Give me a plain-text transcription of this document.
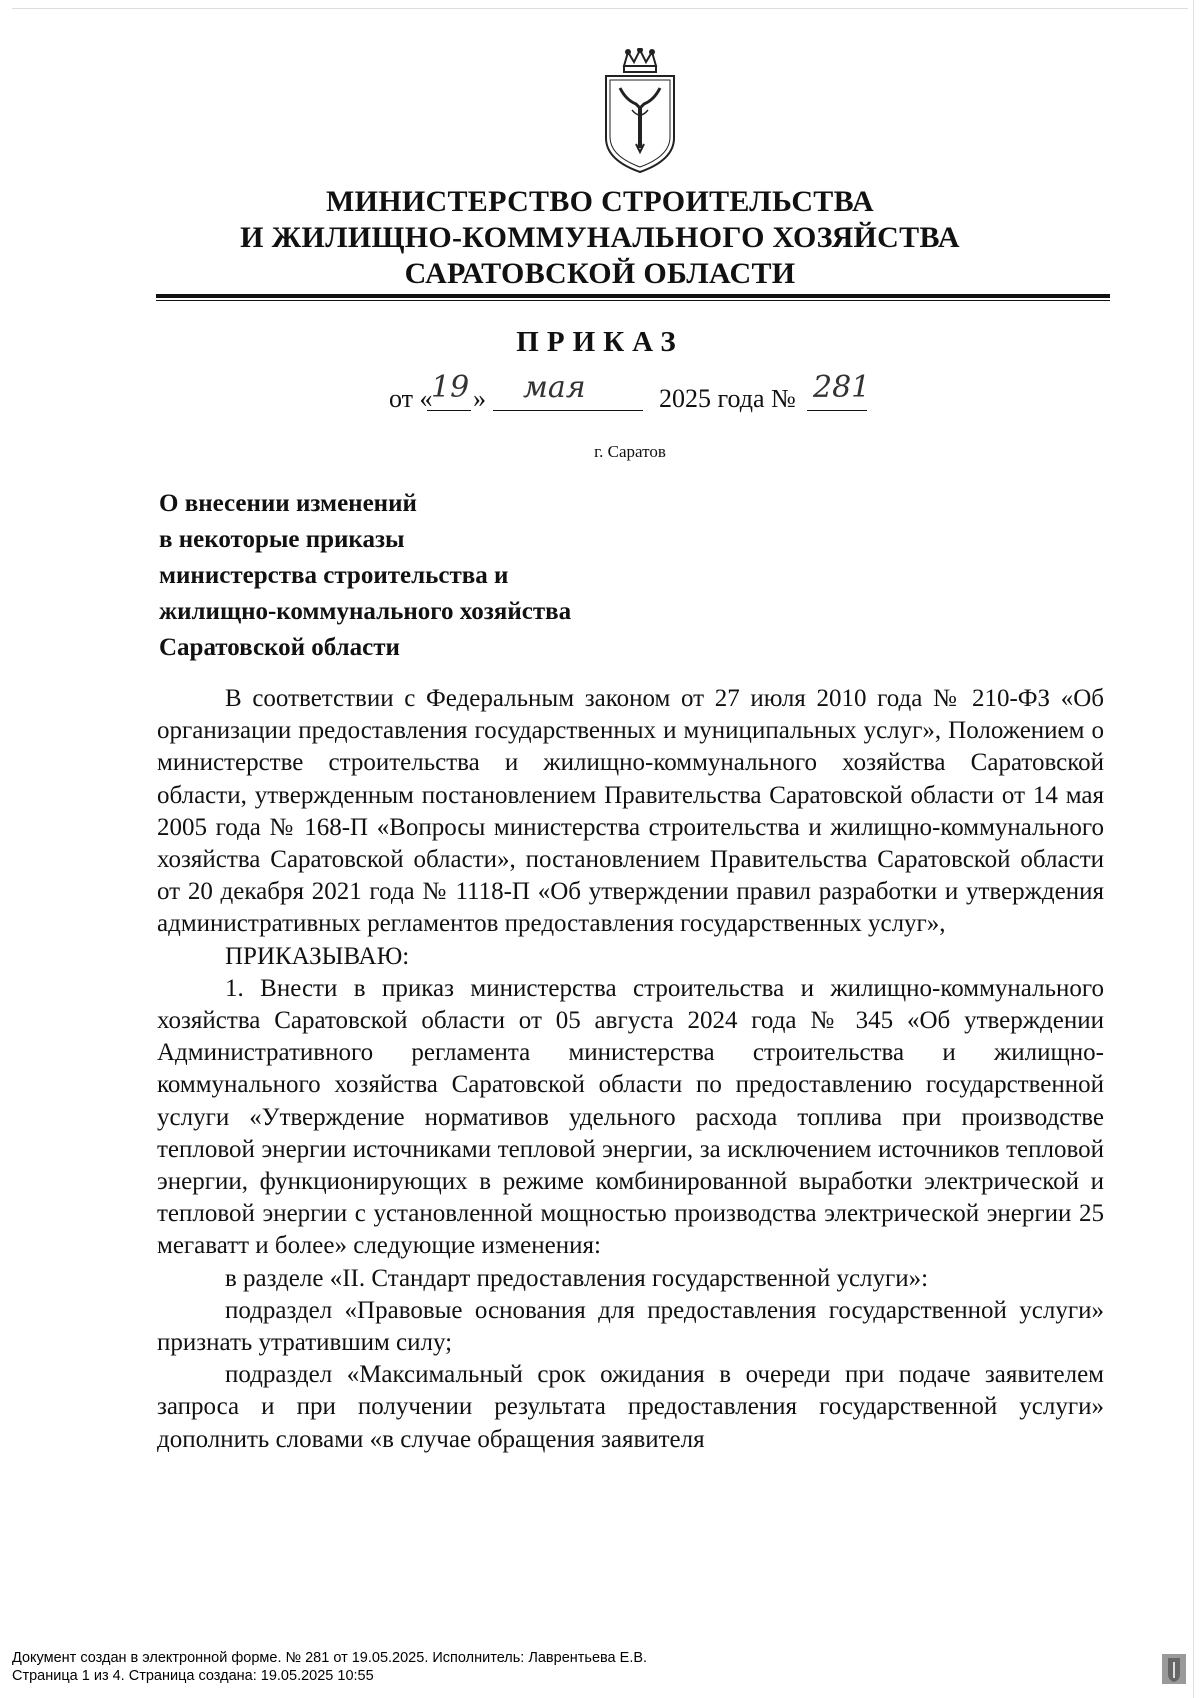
МИНИСТЕРСТВО СТРОИТЕЛЬСТВА
И ЖИЛИЩНО-КОММУНАЛЬНОГО ХОЗЯЙСТВА
САРАТОВСКОЙ ОБЛАСТИ
ПРИКАЗ
от «
19 » мая	2025 года № 281
г. Саратов
О внесении изменений
в некоторые приказы
министерства строительства и
жилищно-коммунального хозяйства
Саратовской области

В соответствии с Федеральным законом от 27 июля 2010 года № 210-ФЗ «Об организации предоставления государственных и муниципальных услуг», Положением о министерстве строительства и жилищно-коммунального хозяйства Саратовской области, утвержденным постановлением Правительства Саратовской области от 14 мая 2005 года № 168-П «Вопросы министерства строительства и жилищно-коммунального хозяйства Саратовской области», постановлением Правительства Саратовской области от 20 декабря 2021 года № 1118-П «Об утверждении правил разработки и утверждения административных регламентов предоставления государственных услуг»,

ПРИКАЗЫВАЮ:

1. Внести в приказ министерства строительства и жилищно-коммунального хозяйства Саратовской области от 05 августа 2024 года № 345 «Об утверждении Административного регламента министерства строительства и жилищно-коммунального хозяйства Саратовской области по предоставлению государственной услуги «Утверждение нормативов удельного расхода топлива при производстве тепловой энергии источниками тепловой энергии, за исключением источников тепловой энергии, функционирующих в режиме комбинированной выработки электрической и тепловой энергии с установленной мощностью производства электрической энергии 25 мегаватт и более» следующие изменения:

в разделе «II. Стандарт предоставления государственной услуги»:

подраздел «Правовые основания для предоставления государственной услуги» признать утратившим силу;

подраздел «Максимальный срок ожидания в очереди при подаче заявителем запроса и при получении результата предоставления государственной услуги» дополнить словами «в случае обращения заявителя

Документ создан в электронной форме. № 281 от 19.05.2025. Исполнитель: Лаврентьева Е.В.
Страница 1 из 4. Страница создана: 19.05.2025 10:55
